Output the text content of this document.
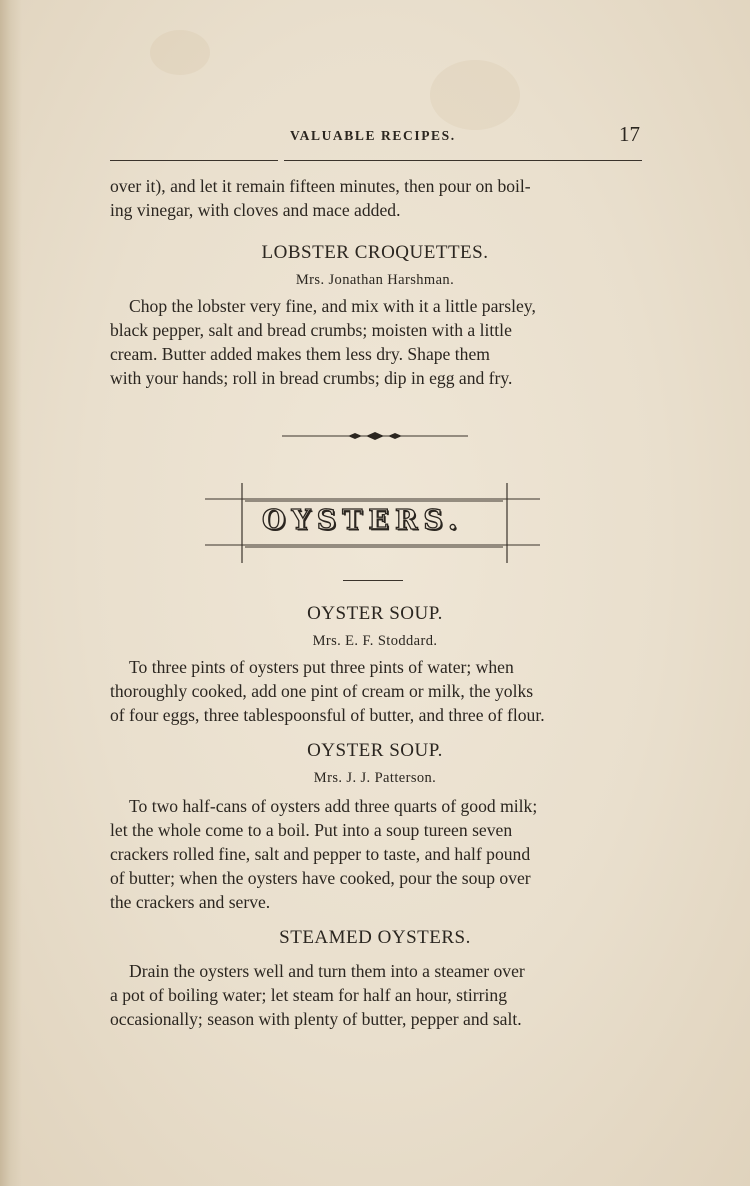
VALUABLE RECIPES.	17

over it), and let it remain fifteen minutes, then pour on boil-

ing vinegar, with cloves and mace added.

LOBSTER CROQUETTES.
Mrs. Jonathan Harshman.

Chop the lobster very fine, and mix with it a little parsley,

black pepper, salt and bread crumbs; moisten with a little

cream. Butter added makes them less dry. Shape them

with your hands; roll in bread crumbs; dip in egg and fry.

OYSTERS.
OYSTER SOUP.
Mrs. E. F. Stoddard.

To three pints of oysters put three pints of water; when

thoroughly cooked, add one pint of cream or milk, the yolks

of four eggs, three tablespoonsful of butter, and three of flour.

OYSTER SOUP.
Mrs. J. J. Patterson.

To two half-cans of oysters add three quarts of good milk;

let the whole come to a boil. Put into a soup tureen seven

crackers rolled fine, salt and pepper to taste, and half pound

of butter; when the oysters have cooked, pour the soup over

the crackers and serve.

STEAMED OYSTERS.

Drain the oysters well and turn them into a steamer over

a pot of boiling water; let steam for half an hour, stirring

occasionally; season with plenty of butter, pepper and salt.
